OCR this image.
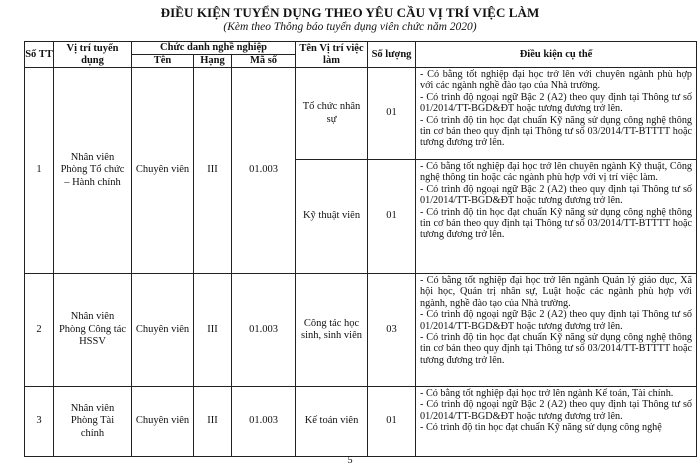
ĐIỀU KIỆN TUYỂN DỤNG THEO YÊU CẦU VỊ TRÍ VIỆC LÀM
(Kèm theo Thông báo tuyển dụng viên chức năm 2020)
Số TT	Vị trí tuyển dụng	Chức danh nghề nghiệp			Tên Vị trí việc làm	Số lượng	Điều kiện cụ thể
		Tên	Hạng	Mã số			
1	Nhân viên Phòng Tổ chức – Hành chính	Chuyên viên	III	01.003	Tổ chức nhân sự	01	- Có bằng tốt nghiệp đại học trở lên với chuyên ngành phù hợp với các ngành nghề đào tạo của Nhà trường.

- Có trình độ ngoại ngữ Bậc 2 (A2) theo quy định tại Thông tư số 01/2014/TT-BGD&ĐT hoặc tương đương trở lên.

- Có trình độ tin học đạt chuẩn Kỹ năng sử dụng công nghệ thông tin cơ bản theo quy định tại Thông tư số 03/2014/TT-BTTTT hoặc tương đương trở lên.

					Kỹ thuật viên	01	- Có bằng tốt nghiệp đại học trở lên chuyên ngành Kỹ thuật, Công nghệ thông tin hoặc các ngành phù hợp với vị trí việc làm.

- Có trình độ ngoại ngữ Bậc 2 (A2) theo quy định tại Thông tư số 01/2014/TT-BGD&ĐT hoặc tương đương trở lên.

- Có trình độ tin học đạt chuẩn Kỹ năng sử dụng công nghệ thông tin cơ bản theo quy định tại Thông tư số 03/2014/TT-BTTTT hoặc tương đương trở lên.

2	Nhân viên Phòng Công tác HSSV	Chuyên viên	III	01.003	Công tác học sinh, sinh viên	03	- Có bằng tốt nghiệp đại học trở lên ngành Quản lý giáo dục, Xã hội học, Quản trị nhân sự, Luật hoặc các ngành phù hợp với ngành, nghề đào tạo của Nhà trường.

- Có trình độ ngoại ngữ Bậc 2 (A2) theo quy định tại Thông tư số 01/2014/TT-BGD&ĐT hoặc tương đương trở lên.

- Có trình độ tin học đạt chuẩn Kỹ năng sử dụng công nghệ thông tin cơ bản theo quy định tại Thông tư số 03/2014/TT-BTTTT hoặc tương đương trở lên.

3	Nhân viên Phòng Tài chính	Chuyên viên	III	01.003	Kế toán viên	01	- Có bằng tốt nghiệp đại học trở lên ngành Kế toán, Tài chính.

- Có trình độ ngoại ngữ Bậc 2 (A2) theo quy định tại Thông tư số 01/2014/TT-BGD&ĐT hoặc tương đương trở lên.

- Có trình độ tin học đạt chuẩn Kỹ năng sử dụng công nghệ

5
